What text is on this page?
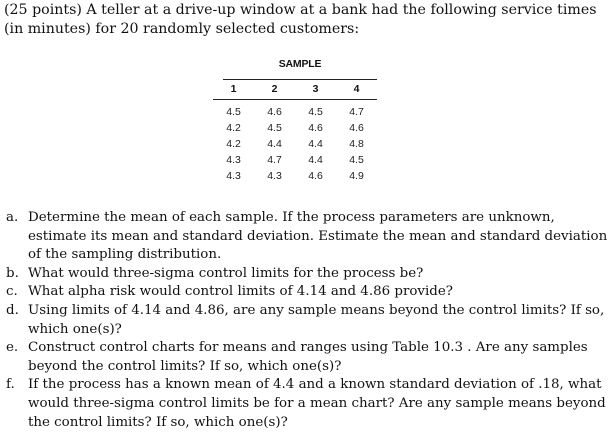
(25 points) A teller at a drive-up window at a bank had the following service times (in minutes) for 20 randomly selected customers:

SAMPLE
1	2	3	4

4.5	4.6	4.5	4.7
4.2	4.5	4.6	4.6
4.2	4.4	4.4	4.8
4.3	4.7	4.4	4.5
4.3	4.3	4.6	4.9
a. Determine the mean of each sample. If the process parameters are unknown, estimate its mean and standard deviation. Estimate the mean and standard deviation of the sampling distribution.
b. What would three-sigma control limits for the process be?
c. What alpha risk would control limits of 4.14 and 4.86 provide?
d. Using limits of 4.14 and 4.86, are any sample means beyond the control limits? If so, which one(s)?
e. Construct control charts for means and ranges using Table 10.3 . Are any samples beyond the control limits? If so, which one(s)?
f. If the process has a known mean of 4.4 and a known standard deviation of .18, what would three-sigma control limits be for a mean chart? Are any sample means beyond the control limits? If so, which one(s)?
